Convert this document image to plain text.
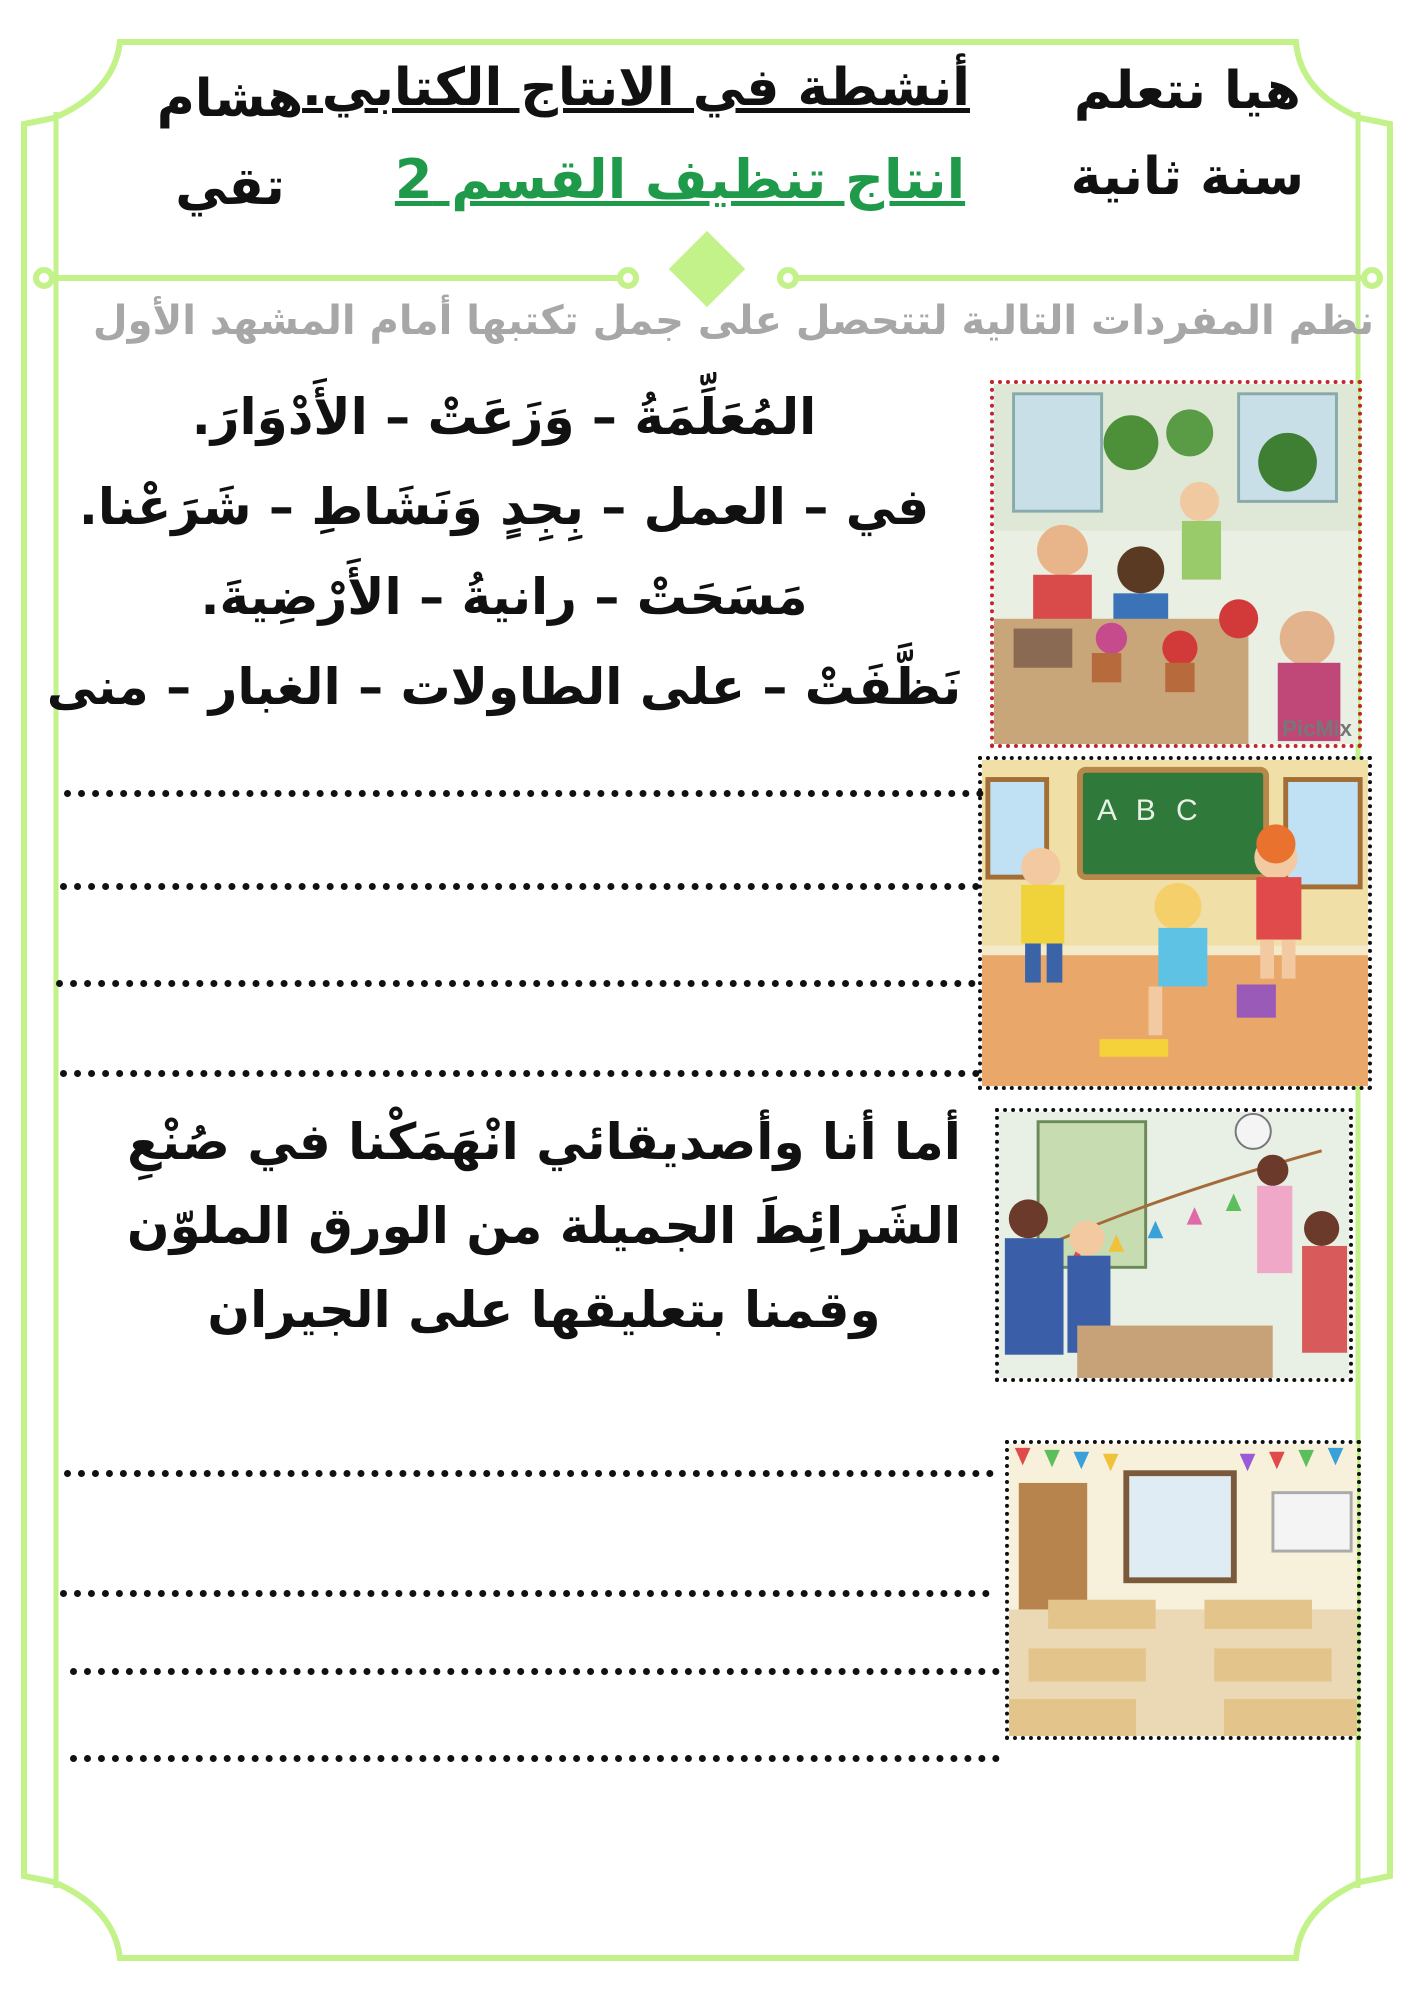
هيا نتعلم
سنة ثانية
هشام
تقي
أنشطة في الانتاج الكتابي.
انتاج تنظيف القسم 2
نظم المفردات التالية لتتحصل على جمل تكتبها أمام المشهد الأول
المُعَلِّمَةُ – وَزَعَتْ – الأَدْوَارَ.
في – العمل – بِجِدٍ وَنَشَاطِ – شَرَعْنا.
مَسَحَتْ – رانيةُ – الأَرْضِيةَ.
نَظَّفَتْ – على الطاولات – الغبار – منى
PicMix
A B C
أما أنا وأصديقائي انْهَمَكْنا في صُنْعِ
الشَرائِطَ الجميلة من الورق الملوّن
وقمنا بتعليقها على الجيران
